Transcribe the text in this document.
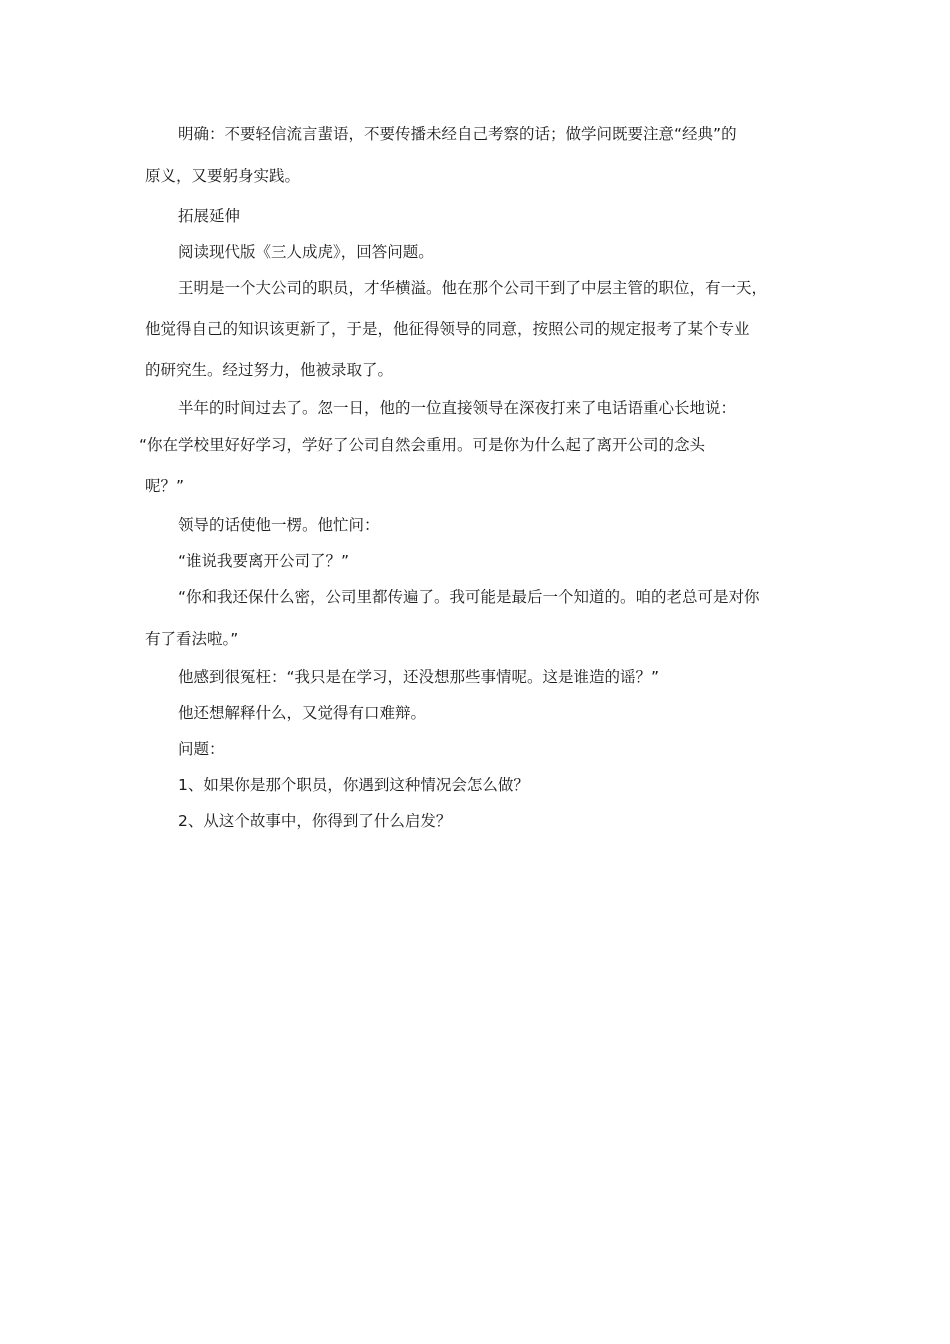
明确：不要轻信流言蜚语，不要传播未经自己考察的话；做学问既要注意“经典”的
原义，又要躬身实践。
拓展延伸
阅读现代版《三人成虎》，回答问题。
王明是一个大公司的职员，才华横溢。他在那个公司干到了中层主管的职位，有一天，
他觉得自己的知识该更新了，于是，他征得领导的同意，按照公司的规定报考了某个专业
的研究生。经过努力，他被录取了。
半年的时间过去了。忽一日，他的一位直接领导在深夜打来了电话语重心长地说：
“你在学校里好好学习，学好了公司自然会重用。可是你为什么起了离开公司的念头
呢？”
领导的话使他一楞。他忙问：
“谁说我要离开公司了？”
“你和我还保什么密，公司里都传遍了。我可能是最后一个知道的。咱的老总可是对你
有了看法啦。”
他感到很冤枉：“我只是在学习，还没想那些事情呢。这是谁造的谣？”
他还想解释什么，又觉得有口难辩。
问题：
1、如果你是那个职员，你遇到这种情况会怎么做？
2、从这个故事中，你得到了什么启发？
